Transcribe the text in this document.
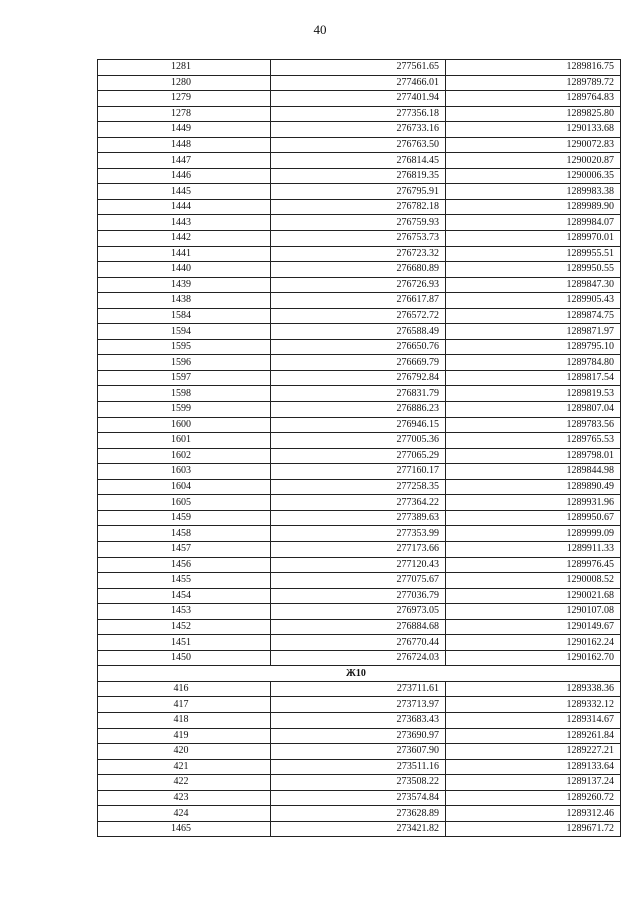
40
1281	277561.65	1289816.75
1280	277466.01	1289789.72
1279	277401.94	1289764.83
1278	277356.18	1289825.80
1449	276733.16	1290133.68
1448	276763.50	1290072.83
1447	276814.45	1290020.87
1446	276819.35	1290006.35
1445	276795.91	1289983.38
1444	276782.18	1289989.90
1443	276759.93	1289984.07
1442	276753.73	1289970.01
1441	276723.32	1289955.51
1440	276680.89	1289950.55
1439	276726.93	1289847.30
1438	276617.87	1289905.43
1584	276572.72	1289874.75
1594	276588.49	1289871.97
1595	276650.76	1289795.10
1596	276669.79	1289784.80
1597	276792.84	1289817.54
1598	276831.79	1289819.53
1599	276886.23	1289807.04
1600	276946.15	1289783.56
1601	277005.36	1289765.53
1602	277065.29	1289798.01
1603	277160.17	1289844.98
1604	277258.35	1289890.49
1605	277364.22	1289931.96
1459	277389.63	1289950.67
1458	277353.99	1289999.09
1457	277173.66	1289911.33
1456	277120.43	1289976.45
1455	277075.67	1290008.52
1454	277036.79	1290021.68
1453	276973.05	1290107.08
1452	276884.68	1290149.67
1451	276770.44	1290162.24
1450	276724.03	1290162.70
Ж10		
416	273711.61	1289338.36
417	273713.97	1289332.12
418	273683.43	1289314.67
419	273690.97	1289261.84
420	273607.90	1289227.21
421	273511.16	1289133.64
422	273508.22	1289137.24
423	273574.84	1289260.72
424	273628.89	1289312.46
1465	273421.82	1289671.72
